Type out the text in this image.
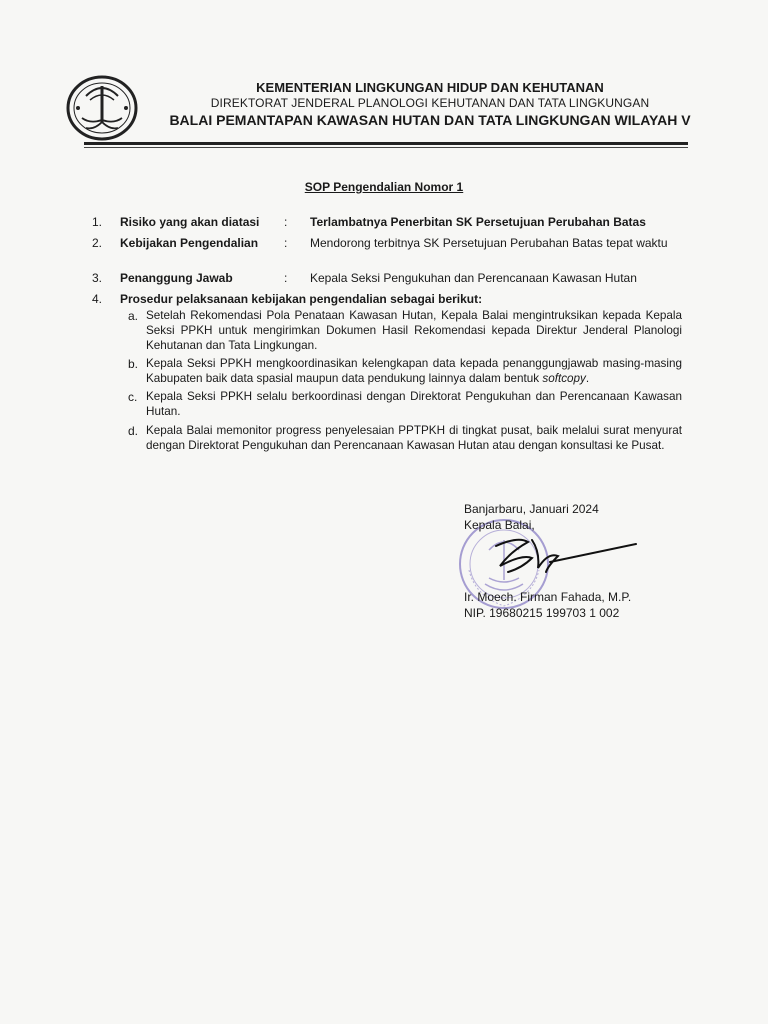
KEMENTERIAN LINGKUNGAN HIDUP DAN KEHUTANAN
DIREKTORAT JENDERAL PLANOLOGI KEHUTANAN DAN TATA LINGKUNGAN
BALAI PEMANTAPAN KAWASAN HUTAN DAN TATA LINGKUNGAN WILAYAH V
SOP Pengendalian Nomor 1
1. Risiko yang akan diatasi : Terlambatnya Penerbitan SK Persetujuan Perubahan Batas
2. Kebijakan Pengendalian : Mendorong terbitnya SK Persetujuan Perubahan Batas tepat waktu
3. Penanggung Jawab	: Kepala Seksi Pengukuhan dan Perencanaan Kawasan Hutan
4. Prosedur pelaksanaan kebijakan pengendalian sebagai berikut:
a. Setelah Rekomendasi Pola Penataan Kawasan Hutan, Kepala Balai mengintruksikan kepada Kepala Seksi PPKH untuk mengirimkan Dokumen Hasil Rekomendasi kepada Direktur Jenderal Planologi Kehutanan dan Tata Lingkungan.
b. Kepala Seksi PPKH mengkoordinasikan kelengkapan data kepada penanggungjawab masing-masing Kabupaten baik data spasial maupun data pendukung lainnya dalam bentuk softcopy.
c. Kepala Seksi PPKH selalu berkoordinasi dengan Direktorat Pengukuhan dan Perencanaan Kawasan Hutan.
d. Kepala Balai memonitor progress penyelesaian PPTPKH di tingkat pusat, baik melalui surat menyurat dengan Direktorat Pengukuhan dan Perencanaan Kawasan Hutan atau dengan konsultasi ke Pusat.
Banjarbaru, Januari 2024
Kepala Balai,
Ir. Moech. Firman Fahada, M.P.
NIP. 19680215 199703 1 002
